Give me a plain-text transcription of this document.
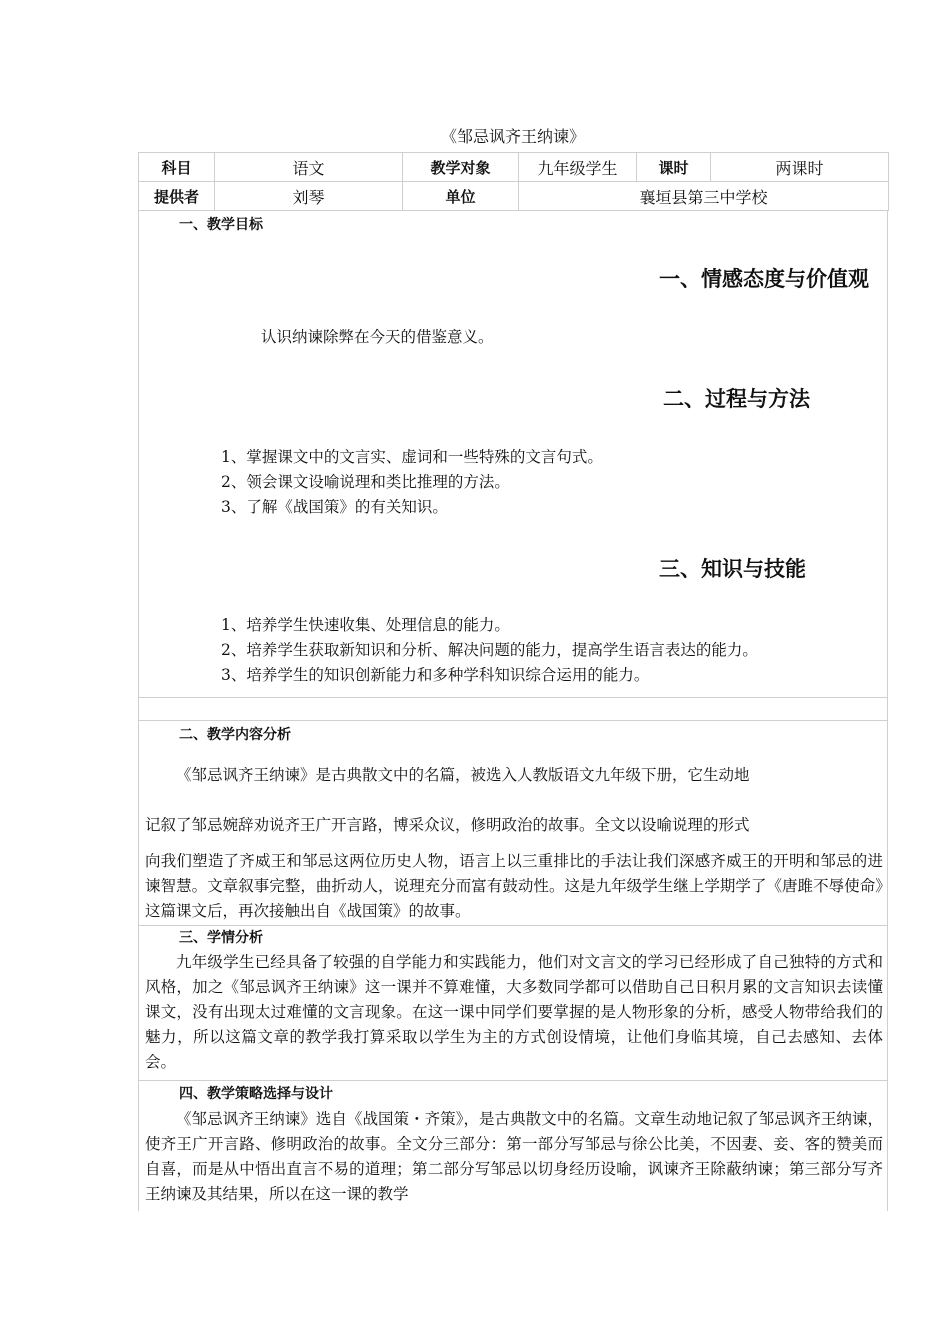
《邹忌讽齐王纳谏》
科目	语文	教学对象	九年级学生	课时	两课时
提供者	刘琴	单位	襄垣县第三中学校		
一、教学目标
一、情感态度与价值观
认识纳谏除弊在今天的借鉴意义。
二、过程与方法
1、掌握课文中的文言实、虚词和一些特殊的文言句式。
2、领会课文设喻说理和类比推理的方法。
3、了解《战国策》的有关知识。
三、知识与技能
1、培养学生快速收集、处理信息的能力。
2、培养学生获取新知识和分析、解决问题的能力，提高学生语言表达的能力。
3、培养学生的知识创新能力和多种学科知识综合运用的能力。
二、教学内容分析
《邹忌讽齐王纳谏》是古典散文中的名篇，被选入人教版语文九年级下册，它生动地
记叙了邹忌婉辞劝说齐王广开言路，博采众议，修明政治的故事。全文以设喻说理的形式
向我们塑造了齐威王和邹忌这两位历史人物，语言上以三重排比的手法让我们深感齐威王的开明和邹忌的进谏智慧。文章叙事完整，曲折动人，说理充分而富有鼓动性。这是九年级学生继上学期学了《唐雎不辱使命》这篇课文后，再次接触出自《战国策》的故事。
三、学情分析
九年级学生已经具备了较强的自学能力和实践能力，他们对文言文的学习已经形成了自己独特的方式和风格，加之《邹忌讽齐王纳谏》这一课并不算难懂，大多数同学都可以借助自己日积月累的文言知识去读懂课文，没有出现太过难懂的文言现象。在这一课中同学们要掌握的是人物形象的分析，感受人物带给我们的魅力，所以这篇文章的教学我打算采取以学生为主的方式创设情境，让他们身临其境，自己去感知、去体会。
四、教学策略选择与设计
《邹忌讽齐王纳谏》选自《战国策・齐策》，是古典散文中的名篇。文章生动地记叙了邹忌讽齐王纳谏，使齐王广开言路、修明政治的故事。全文分三部分：第一部分写邹忌与徐公比美，不因妻、妾、客的赞美而自喜，而是从中悟出直言不易的道理；第二部分写邹忌以切身经历设喻，讽谏齐王除蔽纳谏；第三部分写齐王纳谏及其结果，所以在这一课的教学
